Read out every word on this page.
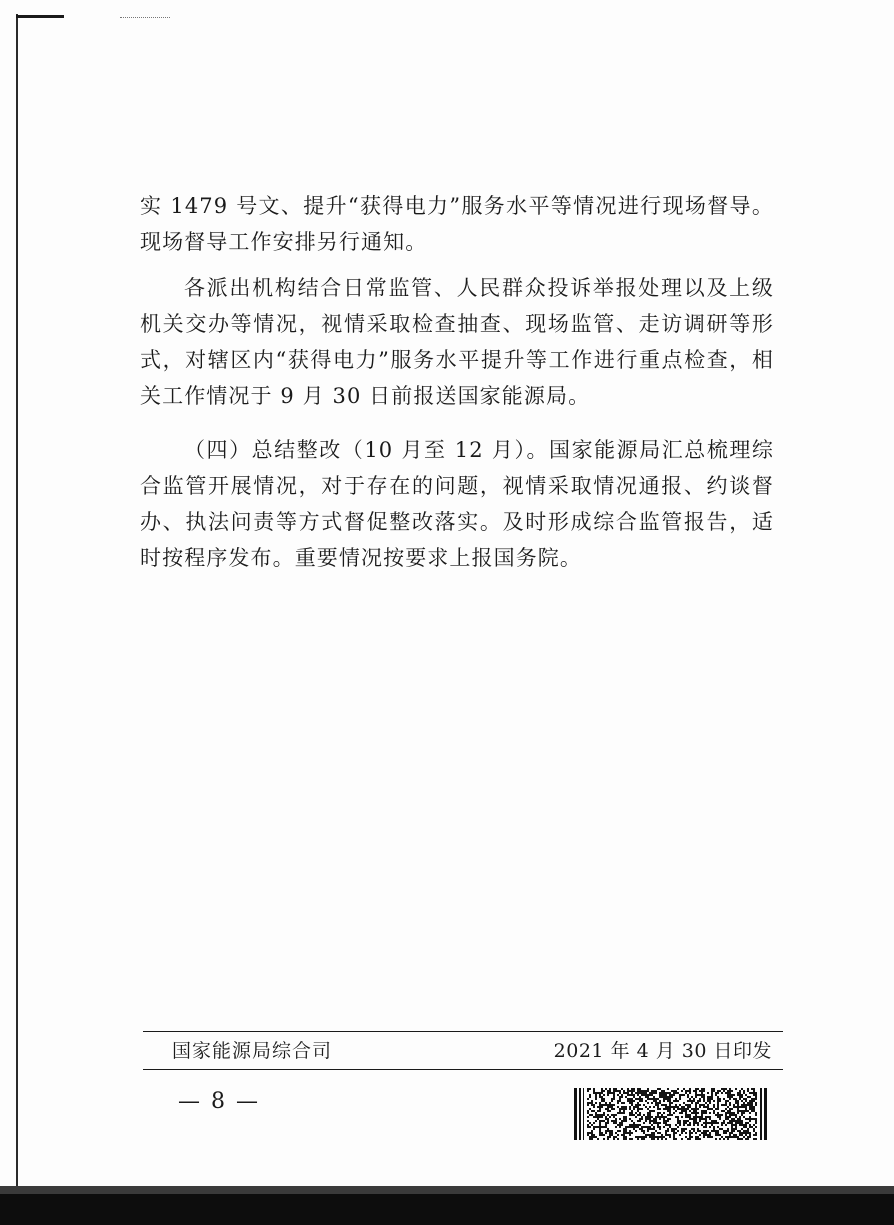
实 1479 号文、提升“获得电力”服务水平等情况进行现场督导。现场督导工作安排另行通知。
各派出机构结合日常监管、人民群众投诉举报处理以及上级机关交办等情况，视情采取检查抽查、现场监管、走访调研等形式，对辖区内“获得电力”服务水平提升等工作进行重点检查，相关工作情况于 9 月 30 日前报送国家能源局。
（四）总结整改（10 月至 12 月）。国家能源局汇总梳理综合监管开展情况，对于存在的问题，视情采取情况通报、约谈督办、执法问责等方式督促整改落实。及时形成综合监管报告，适时按程序发布。重要情况按要求上报国务院。
国家能源局综合司	2021 年 4 月 30 日印发
— 8 —
